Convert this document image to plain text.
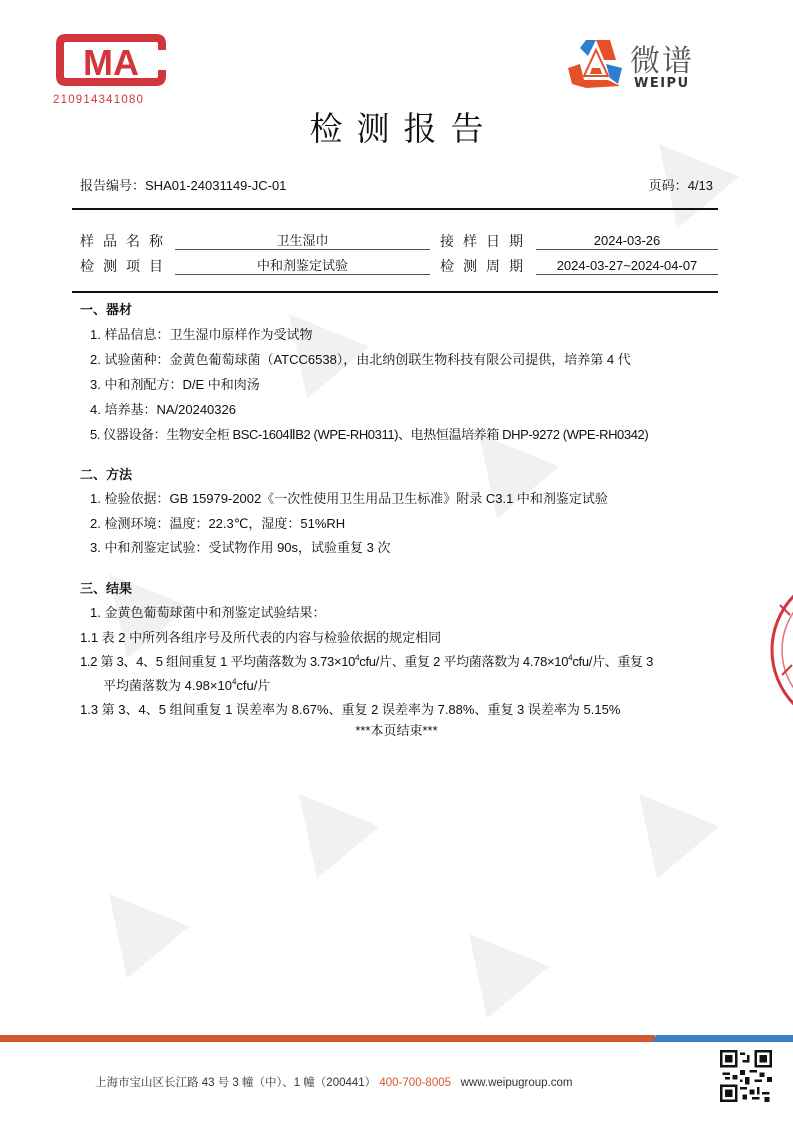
MA
210914341080
微谱
WEIPU
检测报告
报告编号：SHA01-24031149-JC-01	页码：4/13
样品名称	卫生湿巾	接样日期	2024-03-26
检测项目	中和剂鉴定试验	检测周期	2024-03-27~2024-04-07
一、器材
1. 样品信息：卫生湿巾原样作为受试物
2. 试验菌种：金黄色葡萄球菌（ATCC6538），由北纳创联生物科技有限公司提供，培养第 4 代
3. 中和剂配方：D/E 中和肉汤
4. 培养基：NA/20240326
5. 仪器设备：生物安全柜 BSC-1604ⅡB2 (WPE-RH0311)、电热恒温培养箱 DHP-9272 (WPE-RH0342)
二、方法
1. 检验依据：GB 15979-2002《一次性使用卫生用品卫生标准》附录 C3.1 中和剂鉴定试验
2. 检测环境：温度：22.3℃，湿度：51%RH
3. 中和剂鉴定试验：受试物作用 90s，试验重复 3 次
三、结果
1. 金黄色葡萄球菌中和剂鉴定试验结果：
1.1 表 2 中所列各组序号及所代表的内容与检验依据的规定相同
1.2 第 3、4、5 组间重复 1 平均菌落数为 $3.73\times 10^4cfu/$片、重复 2 平均菌落数为 $4.78\times 10^4cfu/$片、重复 3
平均菌落数为 $4.98\times 10^4cfu/$片
1.3 第 3、4、5 组间重复 1 误差率为 8.67%、重复 2 误差率为 7.88%、重复 3 误差率为 5.15%
***本页结束***
上海市宝山区长江路 43 号 3 幢（中）、1 幢（200441） 400-700-8005 www.weipugroup.com
